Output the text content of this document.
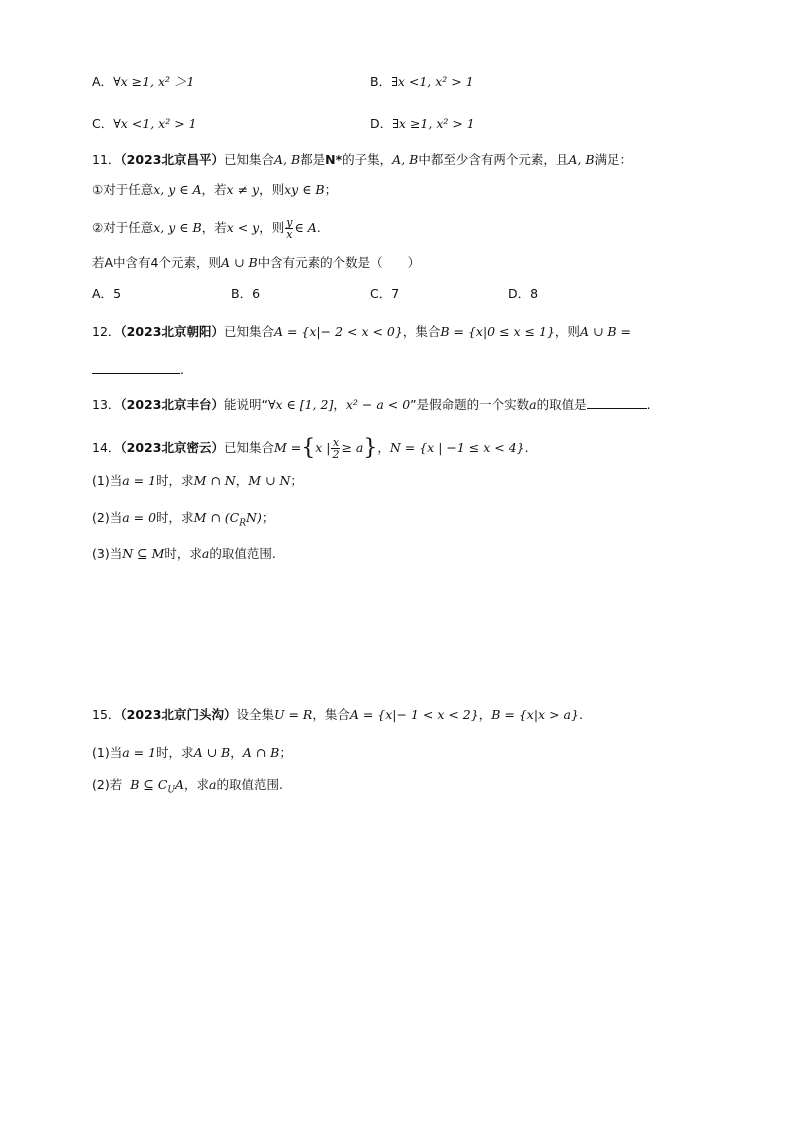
A．∀x ≥1, x² ＞1	B．∃x <1, x² > 1
C．∀x <1, x² > 1	D．∃x ≥1, x² > 1
11．（2023北京昌平）已知集合A, B都是N*的子集，A, B中都至少含有两个元素，且A, B满足：
①对于任意x, y ∈ A，若x ≠ y，则xy ∈ B；
②对于任意x, y ∈ B，若x < y，则 $\frac{y}{x}$ ∈ A.
若A中含有4个元素，则A ∪ B中含有元素的个数是（　　）
A．5	B．6	C．7	D．8
12．（2023北京朝阳）已知集合A = {x|− 2 < x < 0}，集合B = {x|0 ≤ x ≤ 1}，则A ∪ B =
.
13．（2023北京丰台）能说明“∀x ∈ [1, 2]，x² − a < 0”是假命题的一个实数a的取值是	.
14．（2023北京密云）已知集合M ={x | $\frac{x}{2} \ge a$}，N = {x | −1 ≤ x < 4}.
(1)当a = 1时，求M ∩ N，M ∪ N；
(2)当a = 0时，求M ∩ $(C_RN)$；
(3)当N ⊆ M时，求a的取值范围.
15．（2023北京门头沟）设全集U = R，集合A = {x|− 1 < x < 2}，B = {x|x > a}.
(1)当a = 1时，求A ∪ B，A ∩ B；
(2)若 B ⊆ $C_UA$，求a的取值范围.
